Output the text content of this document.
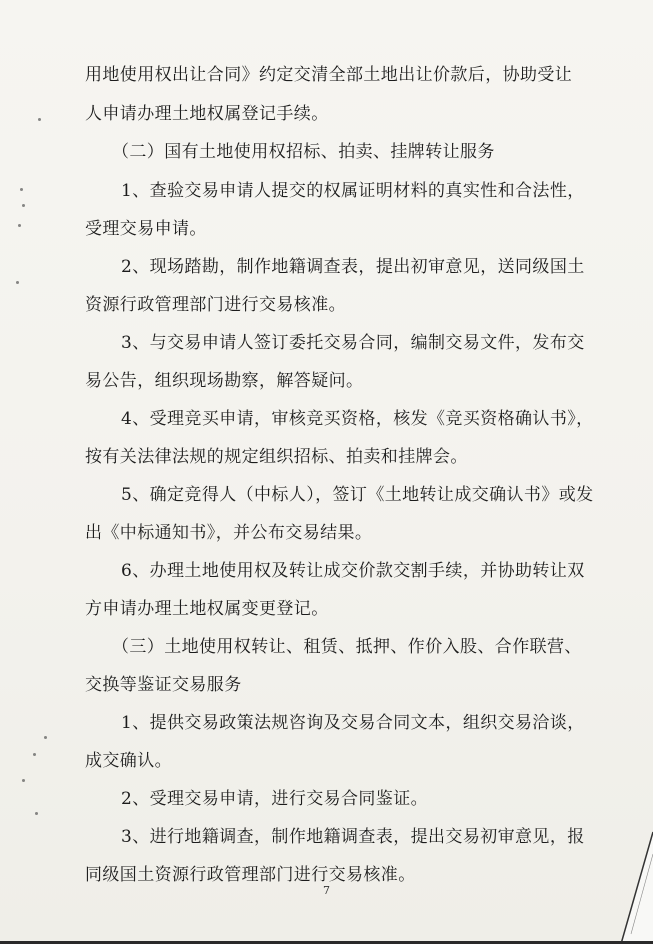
用地使用权出让合同》约定交清全部土地出让价款后，协助受让
人申请办理土地权属登记手续。
（二）国有土地使用权招标、拍卖、挂牌转让服务
1、查验交易申请人提交的权属证明材料的真实性和合法性，
受理交易申请。
2、现场踏勘，制作地籍调查表，提出初审意见，送同级国土
资源行政管理部门进行交易核准。
3、与交易申请人签订委托交易合同，编制交易文件，发布交
易公告，组织现场勘察，解答疑问。
4、受理竞买申请，审核竞买资格，核发《竞买资格确认书》，
按有关法律法规的规定组织招标、拍卖和挂牌会。
5、确定竞得人（中标人），签订《土地转让成交确认书》或发
出《中标通知书》，并公布交易结果。
6、办理土地使用权及转让成交价款交割手续，并协助转让双
方申请办理土地权属变更登记。
（三）土地使用权转让、租赁、抵押、作价入股、合作联营、
交换等鉴证交易服务
1、提供交易政策法规咨询及交易合同文本，组织交易洽谈，
成交确认。
2、受理交易申请，进行交易合同鉴证。
3、进行地籍调查，制作地籍调查表，提出交易初审意见，报
同级国土资源行政管理部门进行交易核准。
7
